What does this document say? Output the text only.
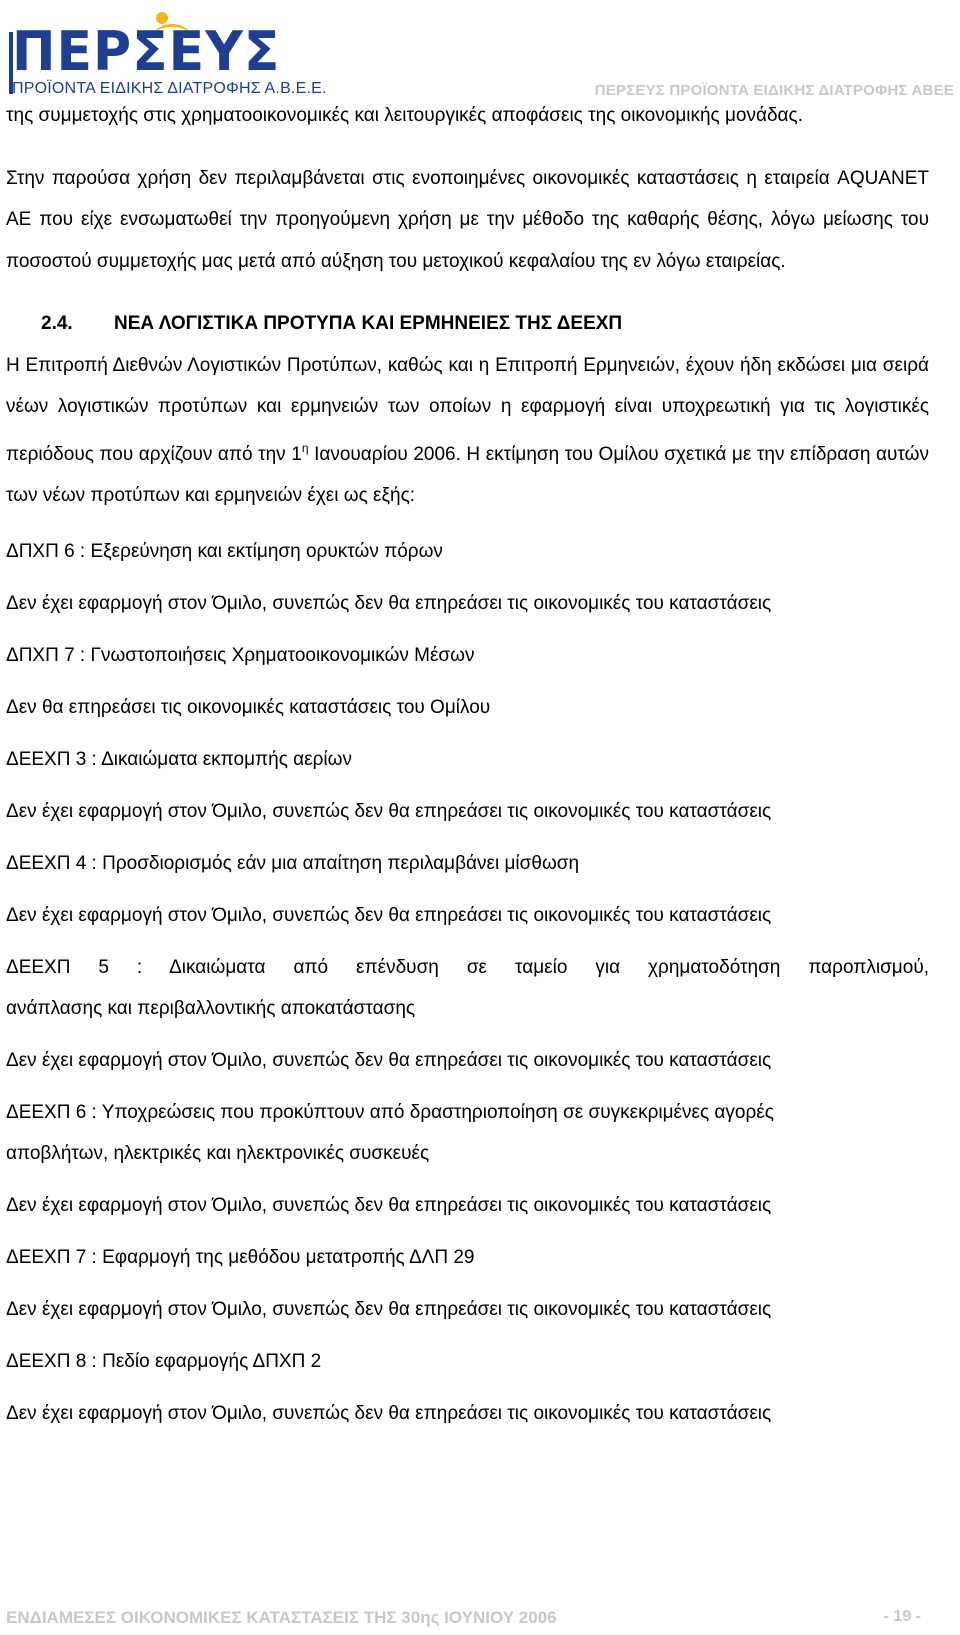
ΠΕΡΣΕΥΣ
ΠΡΟΪΟΝΤΑ ΕΙΔΙΚΗΣ ΔΙΑΤΡΟΦΗΣ Α.Β.Ε.Ε.	ΠΕΡΣΕΥΣ ΠΡΟΪΟΝΤΑ ΕΙΔΙΚΗΣ ΔΙΑΤΡΟΦΗΣ ΑΒΕΕ

της συμμετοχής στις χρηματοοικονομικές και λειτουργικές αποφάσεις της οικονομικής μονάδας.

Στην παρούσα χρήση δεν περιλαμβάνεται στις ενοποιημένες οικονομικές καταστάσεις η εταιρεία AQUANET ΑΕ που είχε ενσωματωθεί την προηγούμενη χρήση με την μέθοδο της καθαρής θέσης, λόγω μείωσης του ποσοστού συμμετοχής μας μετά από αύξηση του μετοχικού κεφαλαίου της εν λόγω εταιρείας.

2.4. ΝΕΑ ΛΟΓΙΣΤΙΚΑ ΠΡΟΤΥΠΑ ΚΑΙ ΕΡΜΗΝΕΙΕΣ ΤΗΣ ΔΕΕΧΠ

Η Επιτροπή Διεθνών Λογιστικών Προτύπων, καθώς και η Επιτροπή Ερμηνειών, έχουν ήδη εκδώσει μια σειρά νέων λογιστικών προτύπων και ερμηνειών των οποίων η εφαρμογή είναι υποχρεωτική για τις λογιστικές περιόδους που αρχίζουν από την $1^\eta$ Ιανουαρίου 2006. Η εκτίμηση του Ομίλου σχετικά με την επίδραση αυτών των νέων προτύπων και ερμηνειών έχει ως εξής:

ΔΠΧΠ 6 : Εξερεύνηση και εκτίμηση ορυκτών πόρων

Δεν έχει εφαρμογή στον Όμιλο, συνεπώς δεν θα επηρεάσει τις οικονομικές του καταστάσεις

ΔΠΧΠ 7 : Γνωστοποιήσεις Χρηματοοικονομικών Μέσων

Δεν θα επηρεάσει τις οικονομικές καταστάσεις του Ομίλου

ΔΕΕΧΠ 3 : Δικαιώματα εκπομπής αερίων

Δεν έχει εφαρμογή στον Όμιλο, συνεπώς δεν θα επηρεάσει τις οικονομικές του καταστάσεις

ΔΕΕΧΠ 4 : Προσδιορισμός εάν μια απαίτηση περιλαμβάνει μίσθωση

Δεν έχει εφαρμογή στον Όμιλο, συνεπώς δεν θα επηρεάσει τις οικονομικές του καταστάσεις

ΔΕΕΧΠ 5 : Δικαιώματα από επένδυση σε ταμείο για χρηματοδότηση παροπλισμού,

ανάπλασης και περιβαλλοντικής αποκατάστασης

Δεν έχει εφαρμογή στον Όμιλο, συνεπώς δεν θα επηρεάσει τις οικονομικές του καταστάσεις

ΔΕΕΧΠ 6 : Υποχρεώσεις που προκύπτουν από δραστηριοποίηση σε συγκεκριμένες αγορές

αποβλήτων, ηλεκτρικές και ηλεκτρονικές συσκευές

Δεν έχει εφαρμογή στον Όμιλο, συνεπώς δεν θα επηρεάσει τις οικονομικές του καταστάσεις

ΔΕΕΧΠ 7 : Εφαρμογή της μεθόδου μετατροπής ΔΛΠ 29

Δεν έχει εφαρμογή στον Όμιλο, συνεπώς δεν θα επηρεάσει τις οικονομικές του καταστάσεις

ΔΕΕΧΠ 8 : Πεδίο εφαρμογής ΔΠΧΠ 2

Δεν έχει εφαρμογή στον Όμιλο, συνεπώς δεν θα επηρεάσει τις οικονομικές του καταστάσεις

ΕΝΔΙΑΜΕΣΕΣ ΟΙΚΟΝΟΜΙΚΕΣ ΚΑΤΑΣΤΑΣΕΙΣ ΤΗΣ 30ης ΙΟΥΝΙΟΥ 2006	- 19 -
